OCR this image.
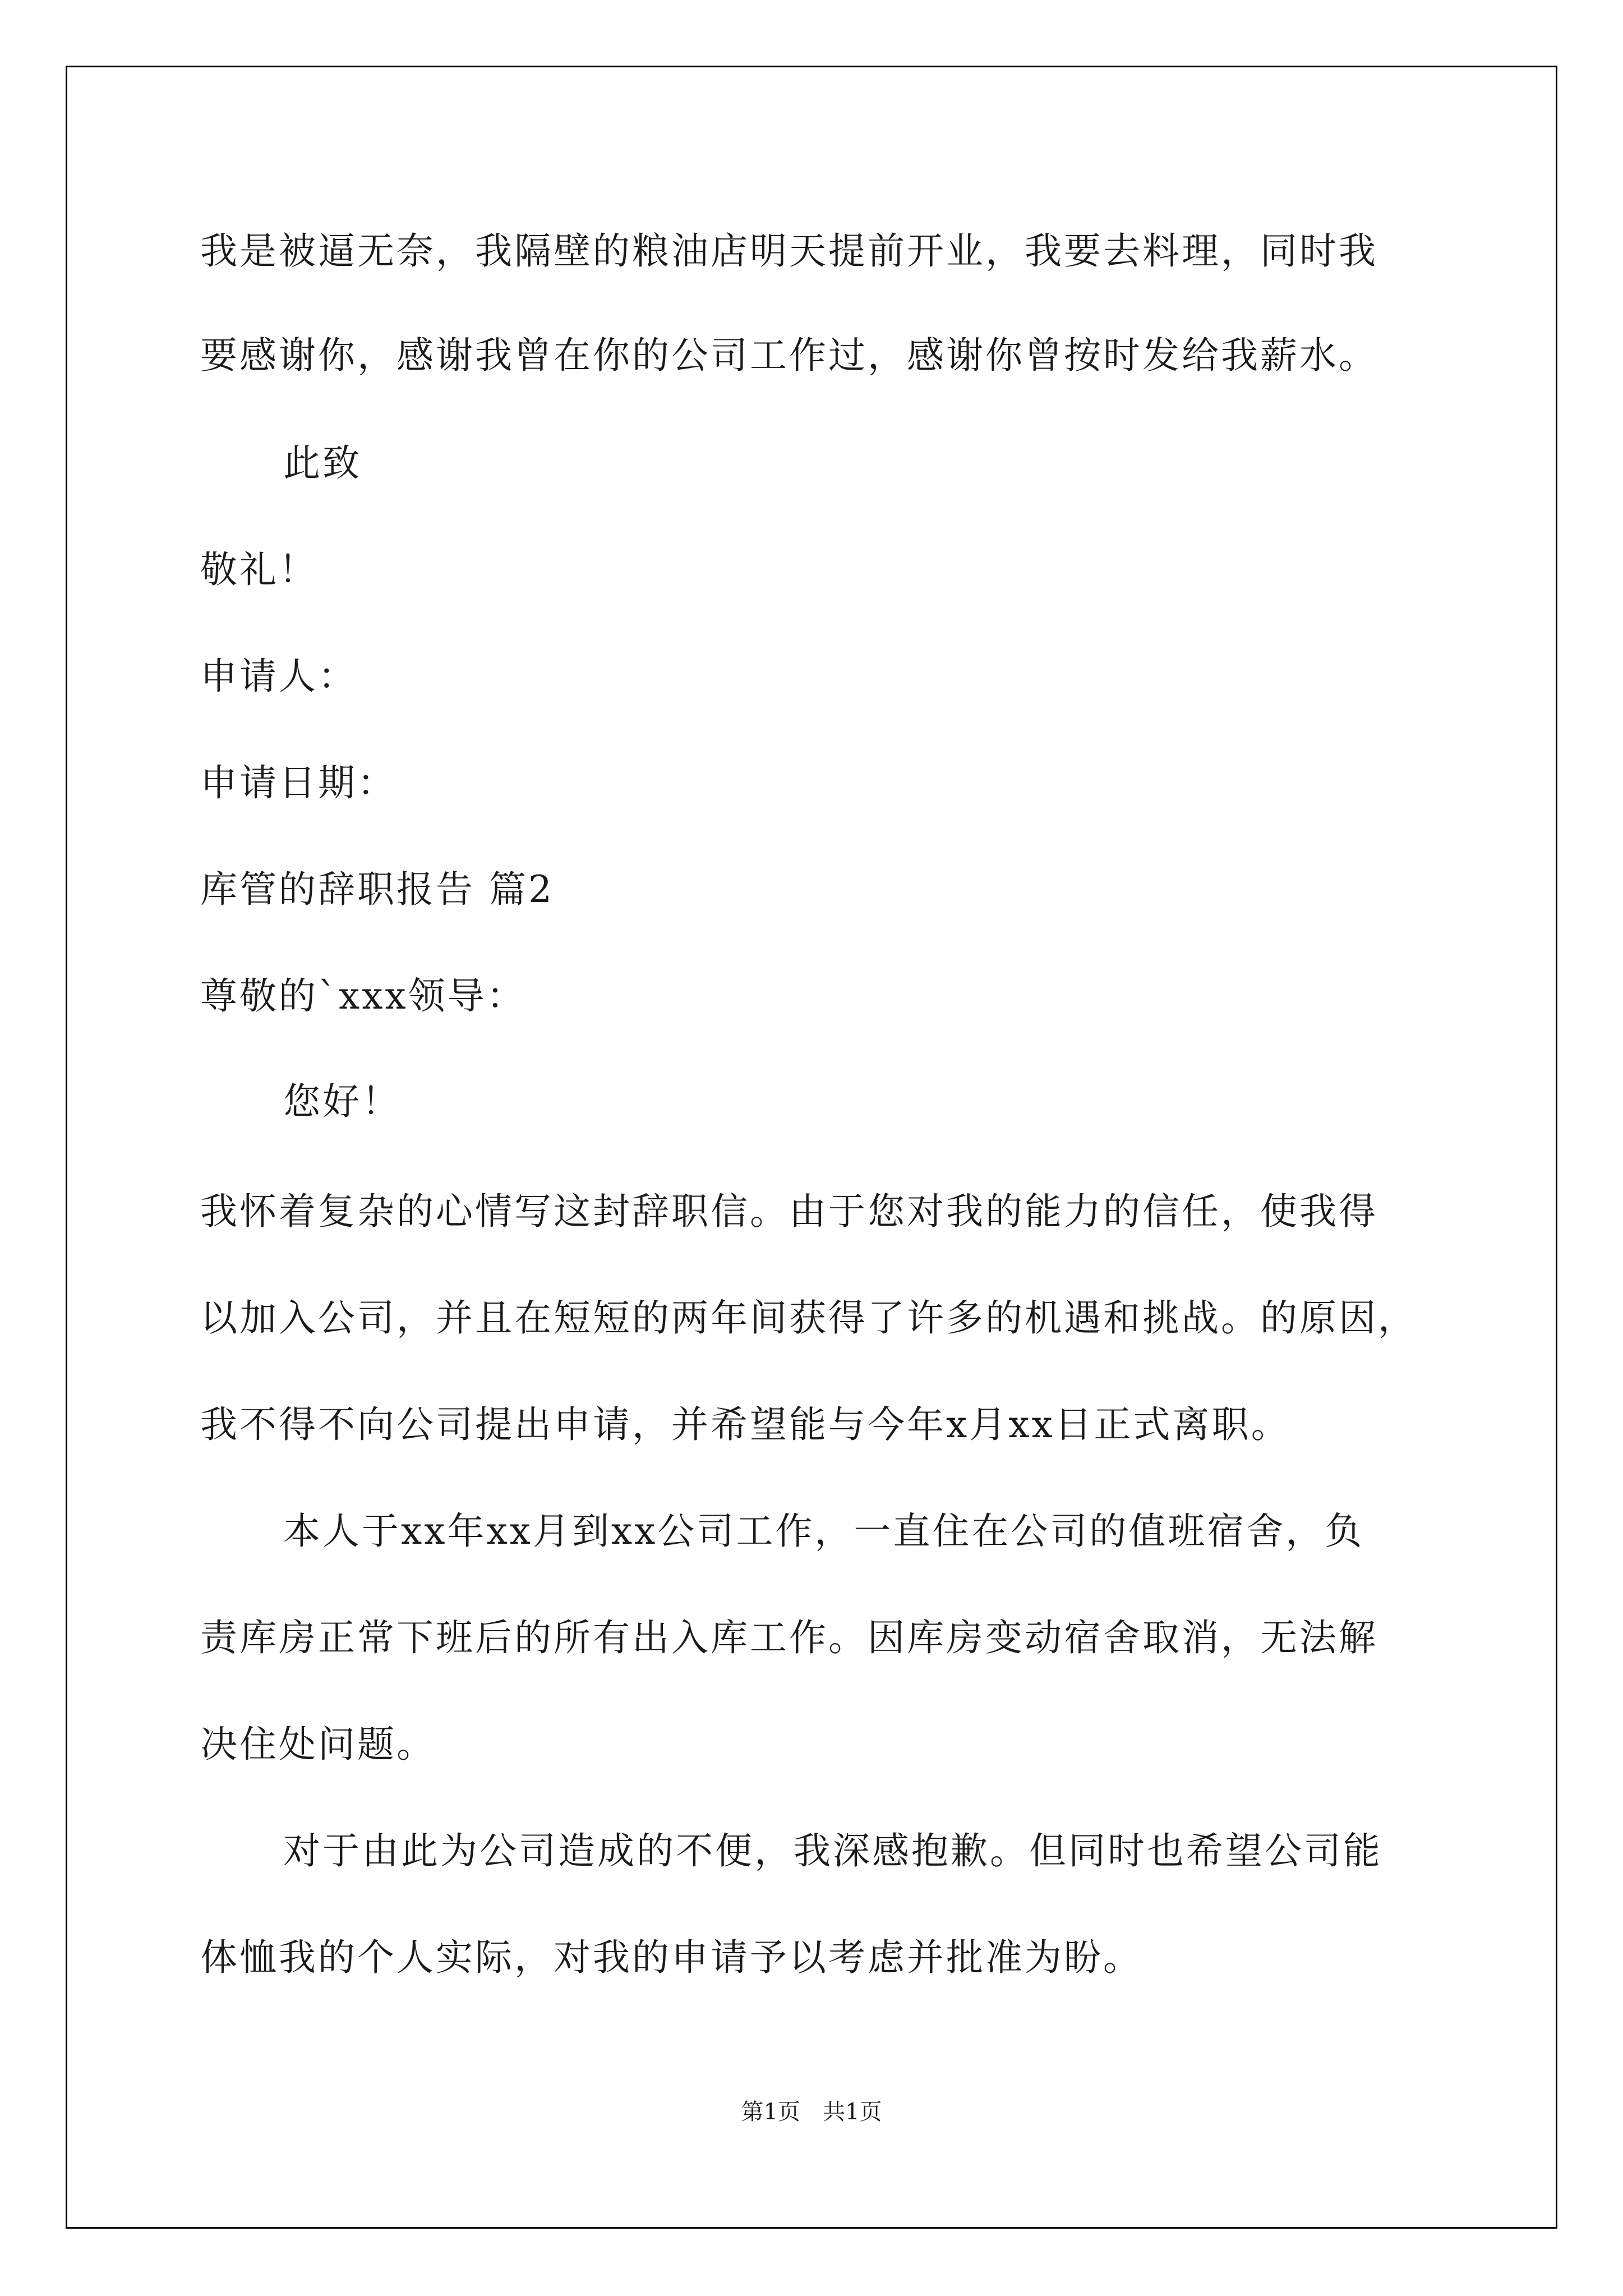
我是被逼无奈，我隔壁的粮油店明天提前开业，我要去料理，同时我
要感谢你，感谢我曾在你的公司工作过，感谢你曾按时发给我薪水。
此致
敬礼！
申请人：
申请日期：
库管的辞职报告 篇2
尊敬的`xxx领导：
您好！
我怀着复杂的心情写这封辞职信。由于您对我的能力的信任，使我得
以加入公司，并且在短短的两年间获得了许多的机遇和挑战。的原因，
我不得不向公司提出申请，并希望能与今年x月xx日正式离职。
本人于xx年xx月到xx公司工作，一直住在公司的值班宿舍，负
责库房正常下班后的所有出入库工作。因库房变动宿舍取消，无法解
决住处问题。
对于由此为公司造成的不便，我深感抱歉。但同时也希望公司能
体恤我的个人实际，对我的申请予以考虑并批准为盼。
第1页　共1页
